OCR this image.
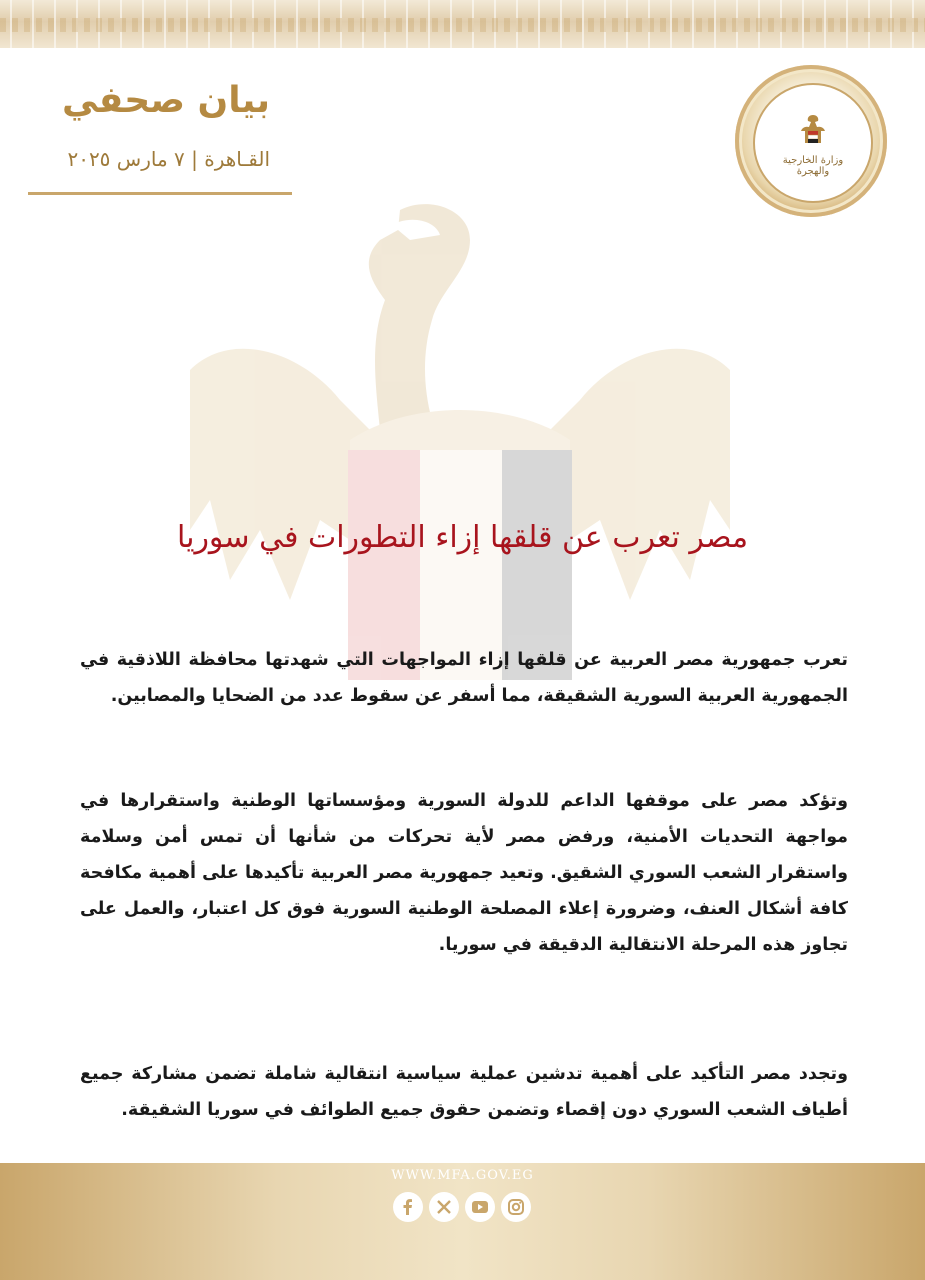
وزارة الخارجية والهجرة
بيان صحفي
القـاهرة | ٧ مارس ٢٠٢٥
مصر تعرب عن قلقها إزاء التطورات في سوريا
تعرب جمهورية مصر العربية عن قلقها إزاء المواجهات التي شهدتها محافظة اللاذقية في الجمهورية العربية السورية الشقيقة، مما أسفر عن سقوط عدد من الضحايا والمصابين.
وتؤكد مصر على موقفها الداعم للدولة السورية ومؤسساتها الوطنية واستقرارها في مواجهة التحديات الأمنية، ورفض مصر لأية تحركات من شأنها أن تمس أمن وسلامة واستقرار الشعب السوري الشقيق. وتعيد جمهورية مصر العربية تأكيدها على أهمية مكافحة كافة أشكال العنف، وضرورة إعلاء المصلحة الوطنية السورية فوق كل اعتبار، والعمل على تجاوز هذه المرحلة الانتقالية الدقيقة في سوريا.
وتجدد مصر التأكيد على أهمية تدشين عملية سياسية انتقالية شاملة تضمن مشاركة جميع أطياف الشعب السوري دون إقصاء وتضمن حقوق جميع الطوائف في سوريا الشقيقة.
WWW.MFA.GOV.EG
